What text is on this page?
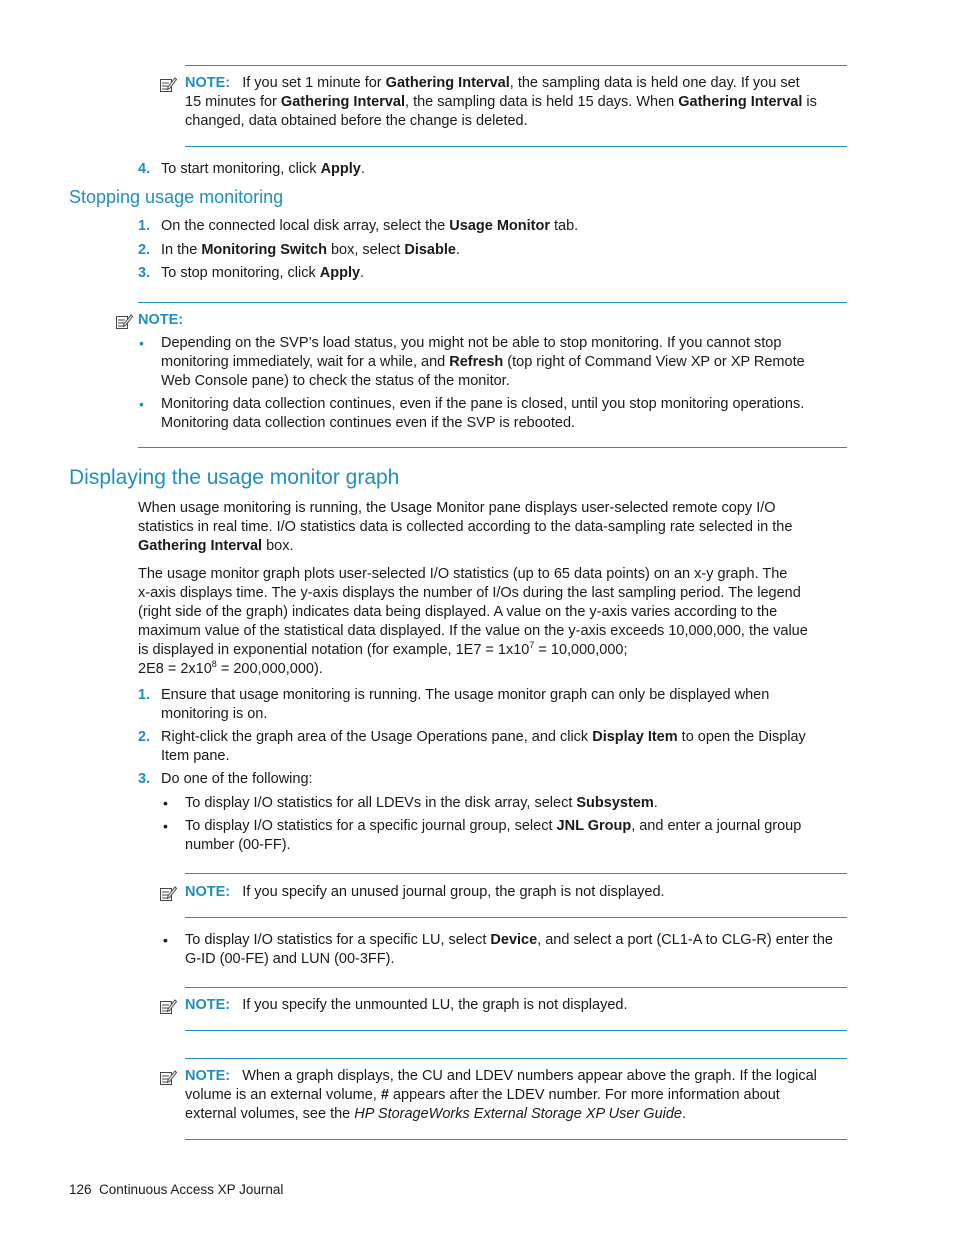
NOTE: If you set 1 minute for Gathering Interval, the sampling data is held one day. If you set
15 minutes for Gathering Interval, the sampling data is held 15 days. When Gathering Interval is
changed, data obtained before the change is deleted.
4. To start monitoring, click Apply.
Stopping usage monitoring
1. On the connected local disk array, select the Usage Monitor tab.
2. In the Monitoring Switch box, select Disable.
3. To stop monitoring, click Apply.
NOTE:
• Depending on the SVP’s load status, you might not be able to stop monitoring. If you cannot stop
monitoring immediately, wait for a while, and Refresh (top right of Command View XP or XP Remote
Web Console pane) to check the status of the monitor.
• Monitoring data collection continues, even if the pane is closed, until you stop monitoring operations.
Monitoring data collection continues even if the SVP is rebooted.
Displaying the usage monitor graph
When usage monitoring is running, the Usage Monitor pane displays user-selected remote copy I/O
statistics in real time. I/O statistics data is collected according to the data-sampling rate selected in the
Gathering Interval box.
The usage monitor graph plots user-selected I/O statistics (up to 65 data points) on an x-y graph. The
x-axis displays time. The y-axis displays the number of I/Os during the last sampling period. The legend
(right side of the graph) indicates data being displayed. A value on the y-axis varies according to the
maximum value of the statistical data displayed. If the value on the y-axis exceeds 10,000,000, the value
is displayed in exponential notation (for example, $1E7 = 1x10^7 = 10,000,000$;
$2E8 = 2x10^8 = 200,000,000$).
1. Ensure that usage monitoring is running. The usage monitor graph can only be displayed when
monitoring is on.
2. Right-click the graph area of the Usage Operations pane, and click Display Item to open the Display
Item pane.
3. Do one of the following:
• To display I/O statistics for all LDEVs in the disk array, select Subsystem.
• To display I/O statistics for a specific journal group, select JNL Group, and enter a journal group
number (00-FF).
NOTE: If you specify an unused journal group, the graph is not displayed.
• To display I/O statistics for a specific LU, select Device, and select a port (CL1-A to CLG-R) enter the
G-ID (00-FE) and LUN (00-3FF).
NOTE: If you specify the unmounted LU, the graph is not displayed.
NOTE: When a graph displays, the CU and LDEV numbers appear above the graph. If the logical
volume is an external volume, # appears after the LDEV number. For more information about
external volumes, see the HP StorageWorks External Storage XP User Guide.
126 Continuous Access XP Journal
